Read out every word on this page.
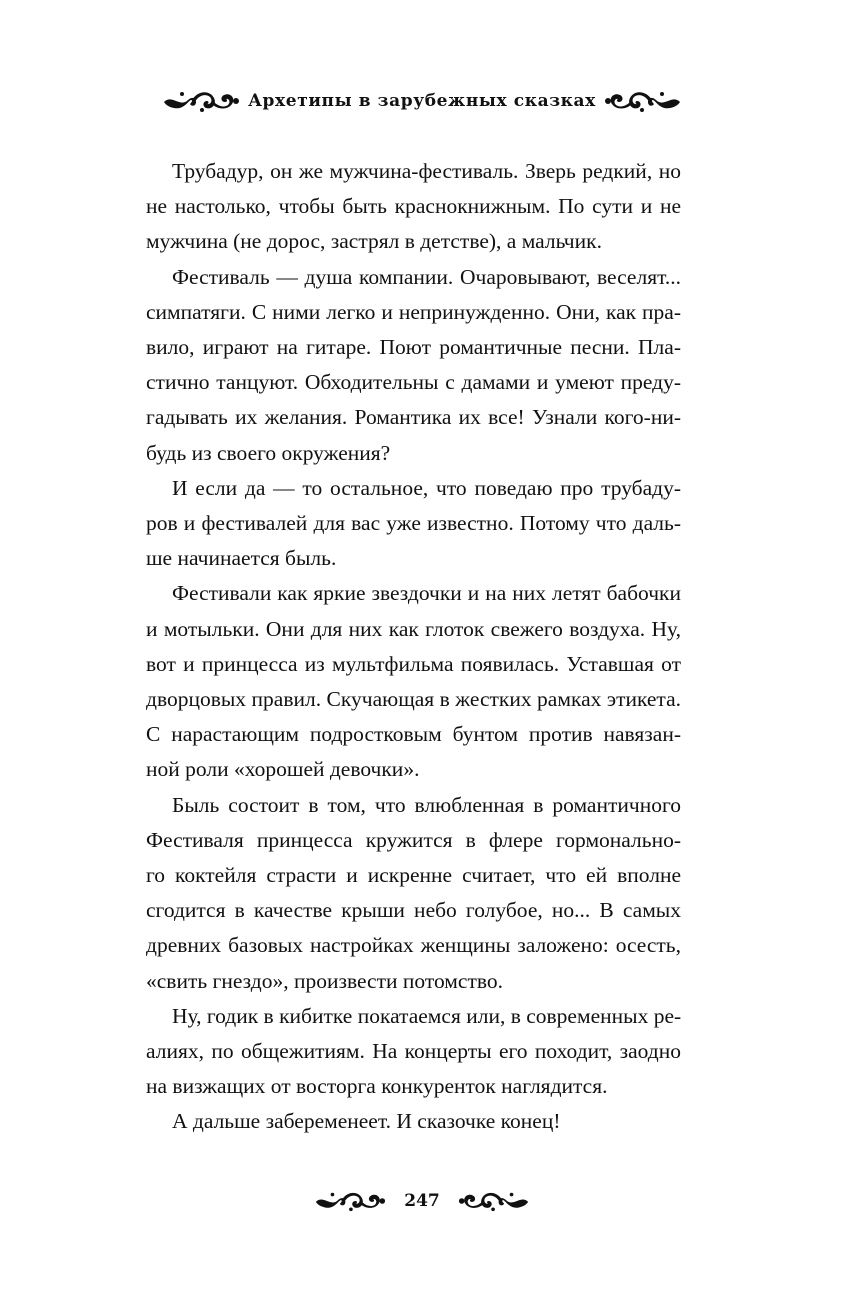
Архетипы в зарубежных сказках

Трубадур, он же мужчина-фестиваль. Зверь редкий, но
не настолько, чтобы быть краснокнижным. По сути и не
мужчина (не дорос, застрял в детстве), а мальчик.

Фестиваль — душа компании. Очаровывают, веселят...
симпатяги. С ними легко и непринужденно. Они, как пра-
вило, играют на гитаре. Поют романтичные песни. Пла-
стично танцуют. Обходительны с дамами и умеют преду-
гадывать их желания. Романтика их все! Узнали кого-ни-
будь из своего окружения?

И если да — то остальное, что поведаю про трубаду-
ров и фестивалей для вас уже известно. Потому что даль-
ше начинается быль.

Фестивали как яркие звездочки и на них летят бабочки
и мотыльки. Они для них как глоток свежего воздуха. Ну,
вот и принцесса из мультфильма появилась. Уставшая от
дворцовых правил. Скучающая в жестких рамках этикета.
С нарастающим подростковым бунтом против навязан-
ной роли «хорошей девочки».

Быль состоит в том, что влюбленная в романтичного
Фестиваля принцесса кружится в флере гормонально-
го коктейля страсти и искренне считает, что ей вполне
сгодится в качестве крыши небо голубое, но... В самых
древних базовых настройках женщины заложено: осесть,
«свить гнездо», произвести потомство.

Ну, годик в кибитке покатаемся или, в современных ре-
алиях, по общежитиям. На концерты его походит, заодно
на визжащих от восторга конкуренток наглядится.

А дальше забеременеет. И сказочке конец!

247
